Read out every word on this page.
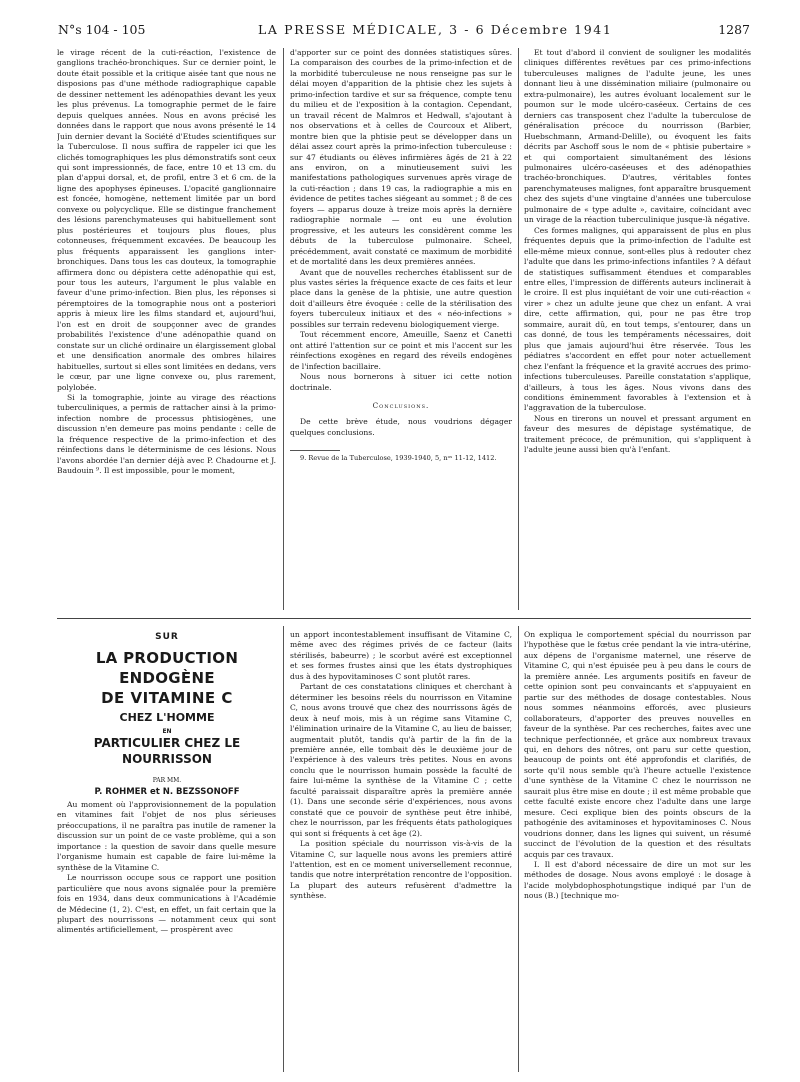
N°s 104 - 105	LA PRESSE MÉDICALE, 3 - 6 Décembre 1941	1287

le virage récent de la cuti-réaction, l'existence de ganglions trachéo-bronchiques. Sur ce dernier point, le doute était possible et la critique aisée tant que nous ne disposions pas d'une méthode radiographique capable de dessiner nettement les adénopathies devant les yeux les plus prévenus. La tomographie permet de le faire depuis quelques années. Nous en avons précisé les données dans le rapport que nous avons présenté le 14 Juin dernier devant la Société d'Etudes scientifiques sur la Tuberculose. Il nous suffira de rappeler ici que les clichés tomographiques les plus démonstratifs sont ceux qui sont impressionnés, de face, entre 10 et 13 cm. du plan d'appui dorsal, et, de profil, entre 3 et 6 cm. de la ligne des apophyses épineuses. L'opacité ganglionnaire est foncée, homogène, nettement limitée par un bord convexe ou polycyclique. Elle se distingue franchement des lésions parenchymateuses qui habituellement sont plus postérieures et toujours plus floues, plus cotonneuses, fréquemment excavées. De beaucoup les plus fréquents apparaissent les ganglions inter-bronchiques. Dans tous les cas douteux, la tomographie affirmera donc ou dépistera cette adénopathie qui est, pour tous les auteurs, l'argument le plus valable en faveur d'une primo-infection. Bien plus, les réponses si péremptoires de la tomographie nous ont a posteriori appris à mieux lire les films standard et, aujourd'hui, l'on est en droit de soupçonner avec de grandes probabilités l'existence d'une adénopathie quand on constate sur un cliché ordinaire un élargissement global et une densification anormale des ombres hilaires habituelles, surtout si elles sont limitées en dedans, vers le cœur, par une ligne convexe ou, plus rarement, polylobée.

Si la tomographie, jointe au virage des réactions tuberculiniques, a permis de rattacher ainsi à la primo-infection nombre de processus phtisiogènes, une discussion n'en demeure pas moins pendante : celle de la fréquence respective de la primo-infection et des réinfections dans le déterminisme de ces lésions. Nous l'avons abordée l'an dernier déjà avec P. Chadourne et J. Baudouin ⁹. Il est impossible, pour le moment,

d'apporter sur ce point des données statistiques sûres. La comparaison des courbes de la primo-infection et de la morbidité tuberculeuse ne nous renseigne pas sur le délai moyen d'apparition de la phtisie chez les sujets à primo-infection tardive et sur sa fréquence, compte tenu du milieu et de l'exposition à la contagion. Cependant, un travail récent de Malmros et Hedwall, s'ajoutant à nos observations et à celles de Courcoux et Alibert, montre bien que la phtisie peut se développer dans un délai assez court après la primo-infection tuberculeuse : sur 47 étudiants ou élèves infirmières âgés de 21 à 22 ans environ, on a minutieusement suivi les manifestations pathologiques survenues après virage de la cuti-réaction ; dans 19 cas, la radiographie a mis en évidence de petites taches siégeant au sommet ; 8 de ces foyers — apparus douze à treize mois après la dernière radiographie normale — ont eu une évolution progressive, et les auteurs les considèrent comme les débuts de la tuberculose pulmonaire. Scheel, précédemment, avait constaté ce maximum de morbidité et de mortalité dans les deux premières années.

Avant que de nouvelles recherches établissent sur de plus vastes séries la fréquence exacte de ces faits et leur place dans la genèse de la phtisie, une autre question doit d'ailleurs être évoquée : celle de la stérilisation des foyers tuberculeux initiaux et des « néo-infections » possibles sur terrain redevenu biologiquement vierge.

Tout récemment encore, Ameuille, Saenz et Canetti ont attiré l'attention sur ce point et mis l'accent sur les réinfections exogènes en regard des réveils endogènes de l'infection bacillaire.

Nous nous bornerons à situer ici cette notion doctrinale.

Conclusions.

De cette brève étude, nous voudrions dégager quelques conclusions.

9. Revue de la Tuberculose, 1939-1940, 5, nᵒˢ 11-12, 1412.

Et tout d'abord il convient de souligner les modalités cliniques différentes revêtues par ces primo-infections tuberculeuses malignes de l'adulte jeune, les unes donnant lieu à une dissémination miliaire (pulmonaire ou extra-pulmonaire), les autres évoluant localement sur le poumon sur le mode ulcéro-caséeux. Certains de ces derniers cas transposent chez l'adulte la tuberculose de généralisation précoce du nourrisson (Barbier, Huebschmann, Armand-Delille), ou évoquent les faits décrits par Aschoff sous le nom de « phtisie pubertaire » et qui comportaient simultanément des lésions pulmonaires ulcéro-caséeuses et des adénopathies trachéo-bronchiques. D'autres, véritables fontes parenchymateuses malignes, font apparaître brusquement chez des sujets d'une vingtaine d'années une tuberculose pulmonaire de « type adulte », cavitaire, coïncidant avec un virage de la réaction tuberculinique jusque-là négative.

Ces formes malignes, qui apparaissent de plus en plus fréquentes depuis que la primo-infection de l'adulte est elle-même mieux connue, sont-elles plus à redouter chez l'adulte que dans les primo-infections infantiles ? A défaut de statistiques suffisamment étendues et comparables entre elles, l'impression de différents auteurs inclinerait à le croire. Il est plus inquiétant de voir une cuti-réaction « virer » chez un adulte jeune que chez un enfant. A vrai dire, cette affirmation, qui, pour ne pas être trop sommaire, aurait dû, en tout temps, s'entourer, dans un cas donné, de tous les tempéraments nécessaires, doit plus que jamais aujourd'hui être réservée. Tous les pédiatres s'accordent en effet pour noter actuellement chez l'enfant la fréquence et la gravité accrues des primo-infections tuberculeuses. Pareille constatation s'applique, d'ailleurs, à tous les âges. Nous vivons dans des conditions éminemment favorables à l'extension et à l'aggravation de la tuberculose.

Nous en tirerons un nouvel et pressant argument en faveur des mesures de dépistage systématique, de traitement précoce, de prémunition, qui s'appliquent à l'adulte jeune aussi bien qu'à l'enfant.

SUR
LA PRODUCTION ENDOGÈNE
DE VITAMINE C
CHEZ L'HOMME
EN
PARTICULIER CHEZ LE NOURRISSON
PAR MM.
P. ROHMER et N. BEZSSONOFF

Au moment où l'approvisionnement de la population en vitamines fait l'objet de nos plus sérieuses préoccupations, il ne paraîtra pas inutile de ramener la discussion sur un point de ce vaste problème, qui a son importance : la question de savoir dans quelle mesure l'organisme humain est capable de faire lui-même la synthèse de la Vitamine C.

Le nourrisson occupe sous ce rapport une position particulière que nous avons signalée pour la première fois en 1934, dans deux communications à l'Académie de Médecine (1, 2). C'est, en effet, un fait certain que la plupart des nourrissons — notamment ceux qui sont alimentés artificiellement, — prospèrent avec

un apport incontestablement insuffisant de Vitamine C, même avec des régimes privés de ce facteur (laits stérilisés, babeurre) ; le scorbut avéré est exceptionnel et ses formes frustes ainsi que les états dystrophiques dus à des hypovitaminoses C sont plutôt rares.

Partant de ces constatations cliniques et cherchant à déterminer les besoins réels du nourrisson en Vitamine C, nous avons trouvé que chez des nourrissons âgés de deux à neuf mois, mis à un régime sans Vitamine C, l'élimination urinaire de la Vitamine C, au lieu de baisser, augmentait plutôt, tandis qu'à partir de la fin de la première année, elle tombait dès le deuxième jour de l'expérience à des valeurs très petites. Nous en avons conclu que le nourrisson humain possède la faculté de faire lui-même la synthèse de la Vitamine C ; cette faculté paraissait disparaître après la première année (1). Dans une seconde série d'expériences, nous avons constaté que ce pouvoir de synthèse peut être inhibé, chez le nourrisson, par les fréquents états pathologiques qui sont si fréquents à cet âge (2).

La position spéciale du nourrisson vis-à-vis de la Vitamine C, sur laquelle nous avons les premiers attiré l'attention, est en ce moment universellement reconnue, tandis que notre interprétation rencontre de l'opposition. La plupart des auteurs refusèrent d'admettre la synthèse.

On expliqua le comportement spécial du nourrisson par l'hypothèse que le fœtus crée pendant la vie intra-utérine, aux dépens de l'organisme maternel, une réserve de Vitamine C, qui n'est épuisée peu à peu dans le cours de la première année. Les arguments positifs en faveur de cette opinion sont peu convaincants et s'appuyaient en partie sur des méthodes de dosage contestables. Nous nous sommes néanmoins efforcés, avec plusieurs collaborateurs, d'apporter des preuves nouvelles en faveur de la synthèse. Par ces recherches, faites avec une technique perfectionnée, et grâce aux nombreux travaux qui, en dehors des nôtres, ont paru sur cette question, beaucoup de points ont été approfondis et clarifiés, de sorte qu'il nous semble qu'à l'heure actuelle l'existence d'une synthèse de la Vitamine C chez le nourrisson ne saurait plus être mise en doute ; il est même probable que cette faculté existe encore chez l'adulte dans une large mesure. Ceci explique bien des points obscurs de la pathogénie des avitaminoses et hypovitaminoses C. Nous voudrions donner, dans les lignes qui suivent, un résumé succinct de l'évolution de la question et des résultats acquis par ces travaux.

I. Il est d'abord nécessaire de dire un mot sur les méthodes de dosage. Nous avons employé : le dosage à l'acide molybdophosphotungstique indiqué par l'un de nous (B.) [technique mo-
